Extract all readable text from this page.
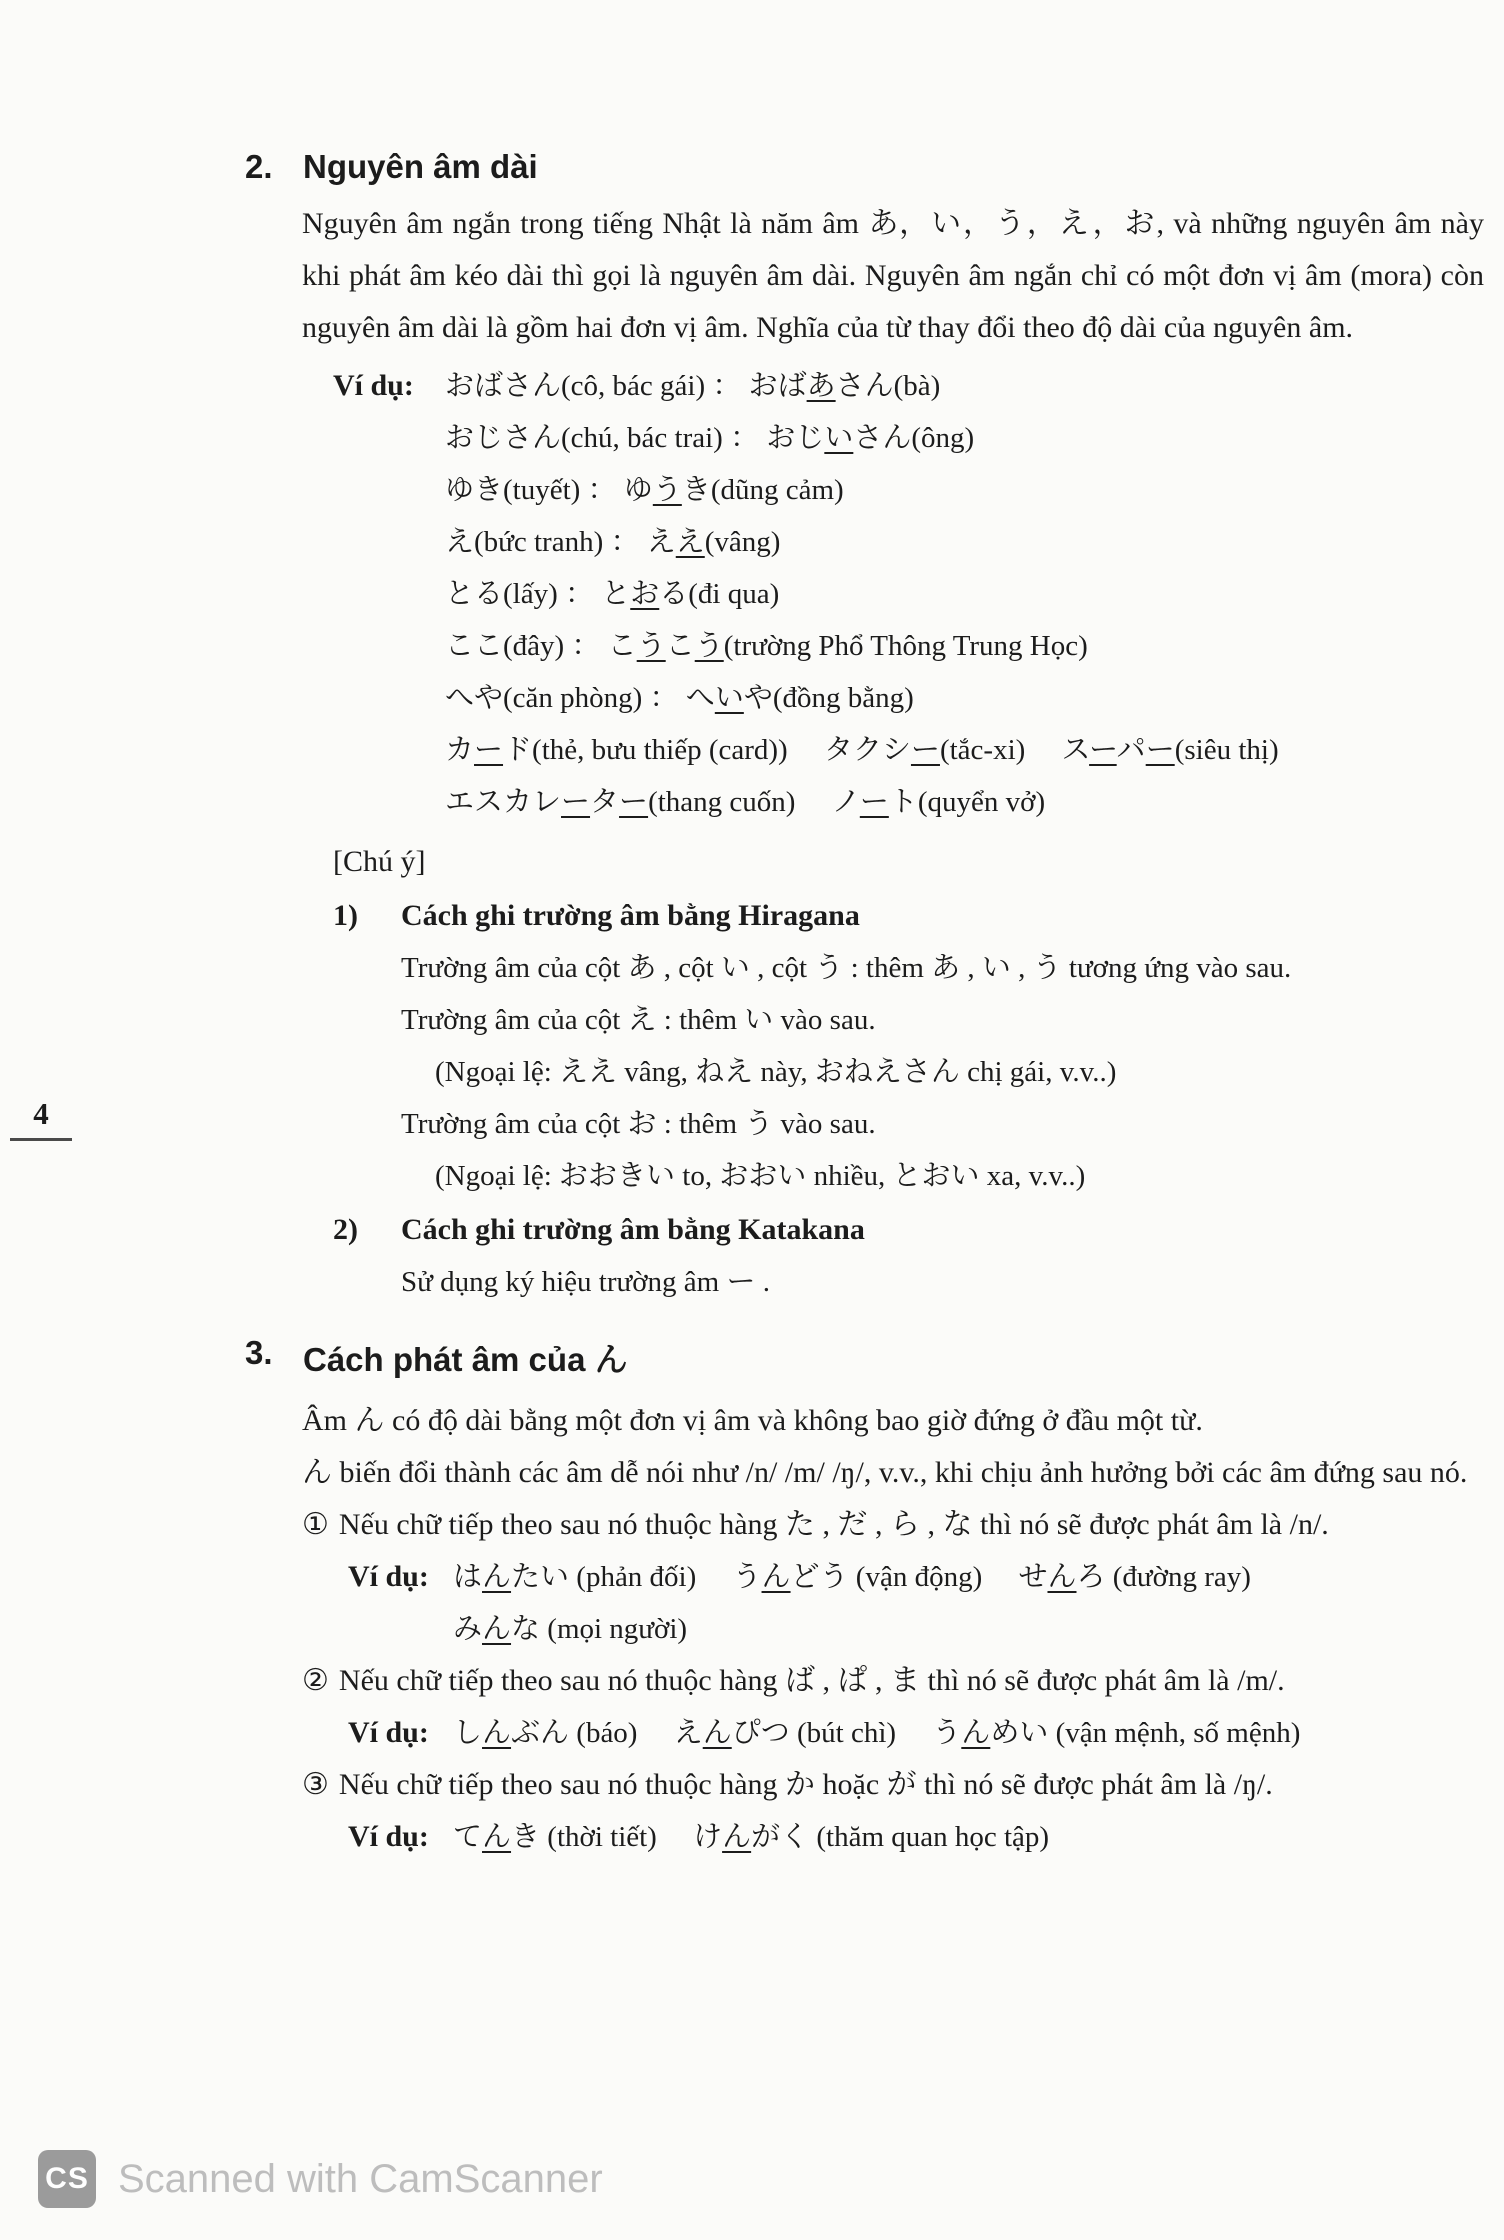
4
2. Nguyên âm dài
Nguyên âm ngắn trong tiếng Nhật là năm âm あ，い，う，え，お, và những nguyên âm này khi phát âm kéo dài thì gọi là nguyên âm dài. Nguyên âm ngắn chỉ có một đơn vị âm (mora) còn nguyên âm dài là gồm hai đơn vị âm. Nghĩa của từ thay đổi theo độ dài của nguyên âm.
Ví dụ:	おばさん(cô, bác gái) ： おばあさん(bà)
おじさん(chú, bác trai) ： おじいさん(ông)
ゆき(tuyết) ： ゆうき(dũng cảm)
え(bức tranh) ： ええ(vâng)
とる(lấy) ： とおる(đi qua)
ここ(đây) ： こうこう(trường Phổ Thông Trung Học)
へや(căn phòng) ： へいや(đồng bằng)
カード(thẻ, bưu thiếp (card))　 タクシー(tắc-xi)　 スーパー(siêu thị)
エスカレーター(thang cuốn)　 ノート(quyển vở)
[Chú ý]
1)	Cách ghi trường âm bằng Hiragana
Trường âm của cột あ , cột い , cột う : thêm あ , い , う tương ứng vào sau.
Trường âm của cột え : thêm い vào sau.
(Ngoại lệ: ええ vâng, ねえ này, おねえさん chị gái, v.v..)
Trường âm của cột お : thêm う vào sau.
(Ngoại lệ: おおきい to, おおい nhiều, とおい xa, v.v..)
2)	Cách ghi trường âm bằng Katakana
Sử dụng ký hiệu trường âm ー .
3. Cách phát âm của ん
Âm ん có độ dài bằng một đơn vị âm và không bao giờ đứng ở đầu một từ.
ん biến đổi thành các âm dễ nói như /n/ /m/ /ŋ/, v.v., khi chịu ảnh hưởng bởi các âm đứng sau nó.
① Nếu chữ tiếp theo sau nó thuộc hàng た , だ , ら , な thì nó sẽ được phát âm là /n/.
Ví dụ: はんたい (phản đối)　 うんどう (vận động)　 せんろ (đường ray)
みんな (mọi người)
② Nếu chữ tiếp theo sau nó thuộc hàng ば , ぱ , ま thì nó sẽ được phát âm là /m/.
Ví dụ: しんぶん (báo)　 えんぴつ (bút chì)　 うんめい (vận mệnh, số mệnh)
③ Nếu chữ tiếp theo sau nó thuộc hàng か hoặc が thì nó sẽ được phát âm là /ŋ/.
Ví dụ: てんき (thời tiết)　 けんがく (thăm quan học tập)
CS Scanned with CamScanner
